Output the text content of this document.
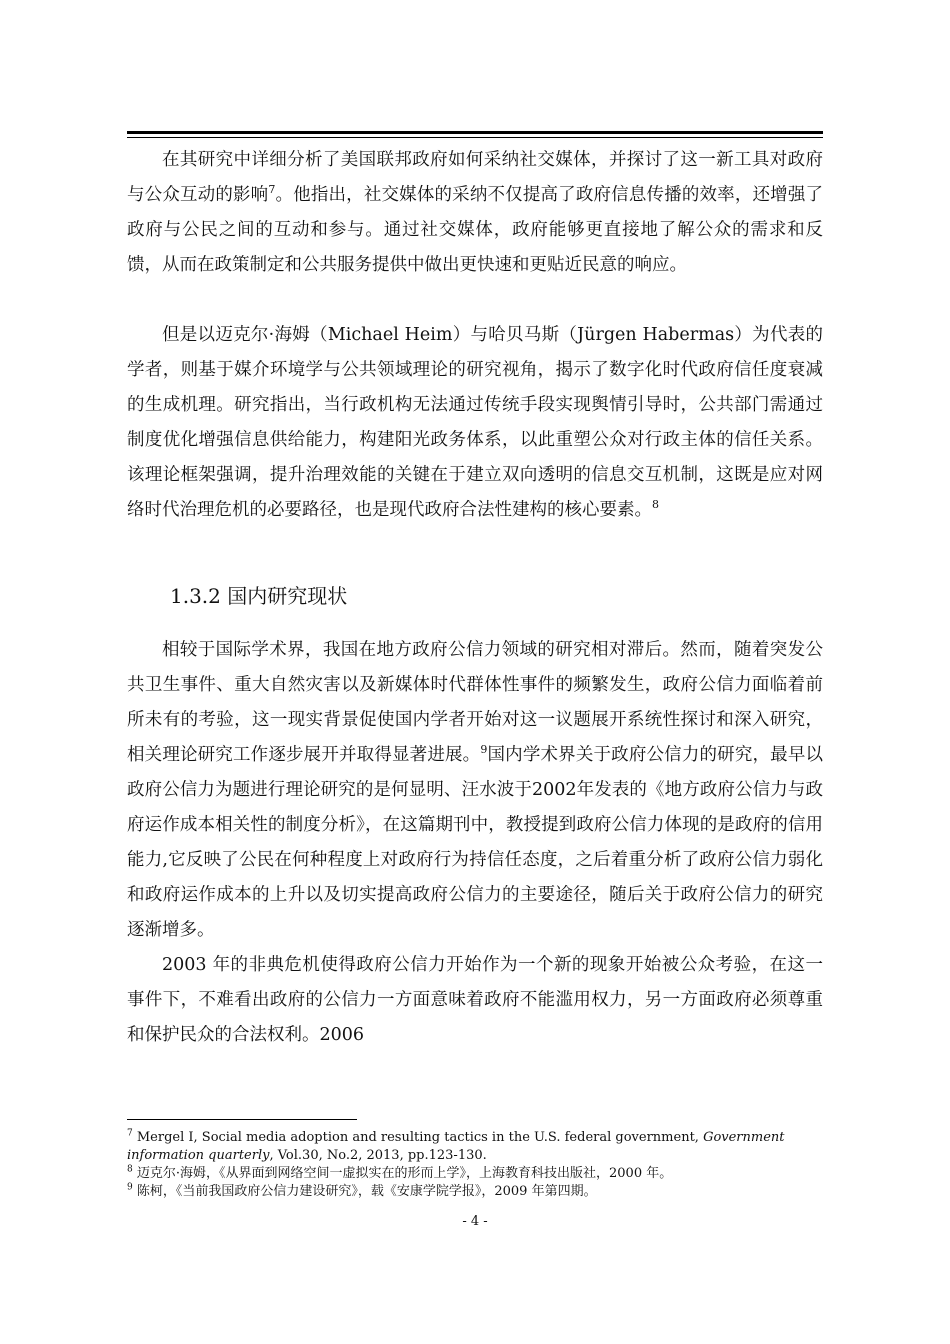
在其研究中详细分析了美国联邦政府如何采纳社交媒体，并探讨了这一新工具对政府与公众互动的影响$^7$。他指出，社交媒体的采纳不仅提高了政府信息传播的效率，还增强了政府与公民之间的互动和参与。通过社交媒体，政府能够更直接地了解公众的需求和反馈，从而在政策制定和公共服务提供中做出更快速和更贴近民意的响应。

但是以迈克尔·海姆（Michael Heim）与哈贝马斯（Jürgen Habermas）为代表的学者，则基于媒介环境学与公共领域理论的研究视角，揭示了数字化时代政府信任度衰减的生成机理。研究指出，当行政机构无法通过传统手段实现舆情引导时，公共部门需通过制度优化增强信息供给能力，构建阳光政务体系，以此重塑公众对行政主体的信任关系。该理论框架强调，提升治理效能的关键在于建立双向透明的信息交互机制，这既是应对网络时代治理危机的必要路径，也是现代政府合法性建构的核心要素。$^8$

1.3.2 国内研究现状

相较于国际学术界，我国在地方政府公信力领域的研究相对滞后。然而，随着突发公共卫生事件、重大自然灾害以及新媒体时代群体性事件的频繁发生，政府公信力面临着前所未有的考验，这一现实背景促使国内学者开始对这一议题展开系统性探讨和深入研究，相关理论研究工作逐步展开并取得显著进展。$^9$国内学术界关于政府公信力的研究，最早以政府公信力为题进行理论研究的是何显明、汪水波于2002年发表的《地方政府公信力与政府运作成本相关性的制度分析》，在这篇期刊中，教授提到政府公信力体现的是政府的信用能力,它反映了公民在何种程度上对政府行为持信任态度，之后着重分析了政府公信力弱化和政府运作成本的上升以及切实提高政府公信力的主要途径，随后关于政府公信力的研究逐渐增多。

2003 年的非典危机使得政府公信力开始作为一个新的现象开始被公众考验，在这一事件下，不难看出政府的公信力一方面意味着政府不能滥用权力，另一方面政府必须尊重和保护民众的合法权利。2006

$^7$ Mergel I, Social media adoption and resulting tactics in the U.S. federal government, Government information quarterly, Vol.30, No.2, 2013, pp.123-130.

$^8$ 迈克尔·海姆，《从界面到网络空间一虚拟实在的形而上学》，上海教育科技出版社，2000 年。

$^9$ 陈柯，《当前我国政府公信力建设研究》，载《安康学院学报》，2009 年第四期。

- 4 -
